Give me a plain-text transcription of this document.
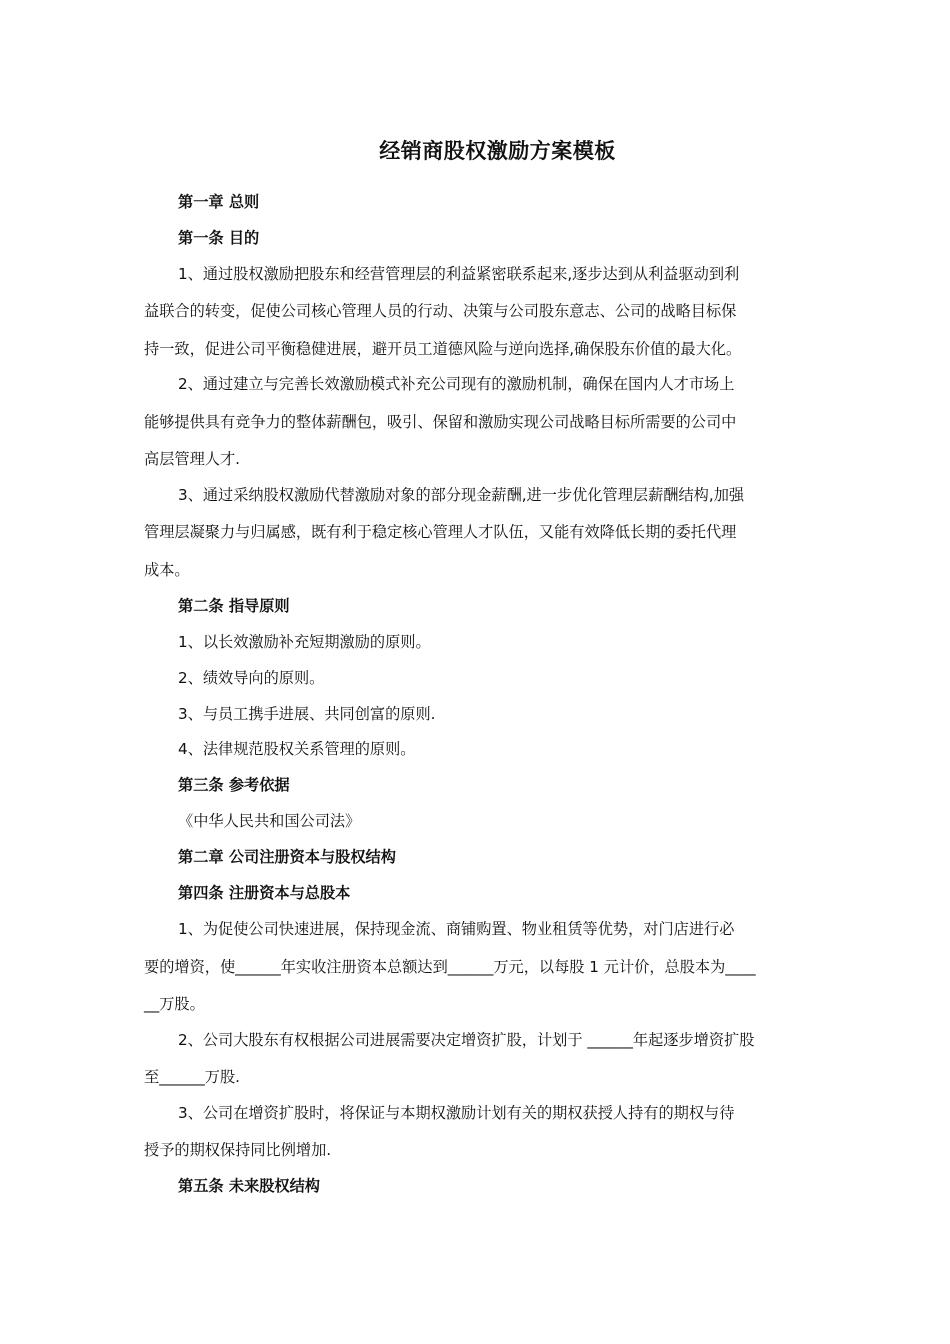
经销商股权激励方案模板
第一章 总则
第一条 目的
1、通过股权激励把股东和经营管理层的利益紧密联系起来,逐步达到从利益驱动到利
益联合的转变，促使公司核心管理人员的行动、决策与公司股东意志、公司的战略目标保
持一致，促进公司平衡稳健进展，避开员工道德风险与逆向选择,确保股东价值的最大化。
2、通过建立与完善长效激励模式补充公司现有的激励机制，确保在国内人才市场上
能够提供具有竞争力的整体薪酬包，吸引、保留和激励实现公司战略目标所需要的公司中
高层管理人才.
3、通过采纳股权激励代替激励对象的部分现金薪酬,进一步优化管理层薪酬结构,加强
管理层凝聚力与归属感，既有利于稳定核心管理人才队伍，又能有效降低长期的委托代理
成本。
第二条 指导原则
1、以长效激励补充短期激励的原则。
2、绩效导向的原则。
3、与员工携手进展、共同创富的原则.
4、法律规范股权关系管理的原则。
第三条 参考依据
《中华人民共和国公司法》
第二章 公司注册资本与股权结构
第四条 注册资本与总股本
1、为促使公司快速进展，保持现金流、商铺购置、物业租赁等优势，对门店进行必
要的增资，使______年实收注册资本总额达到______万元，以每股 1 元计价，总股本为____
__万股。
2、公司大股东有权根据公司进展需要决定增资扩股，计划于 ______年起逐步增资扩股
至______万股.
3、公司在增资扩股时，将保证与本期权激励计划有关的期权获授人持有的期权与待
授予的期权保持同比例增加.
第五条 未来股权结构
